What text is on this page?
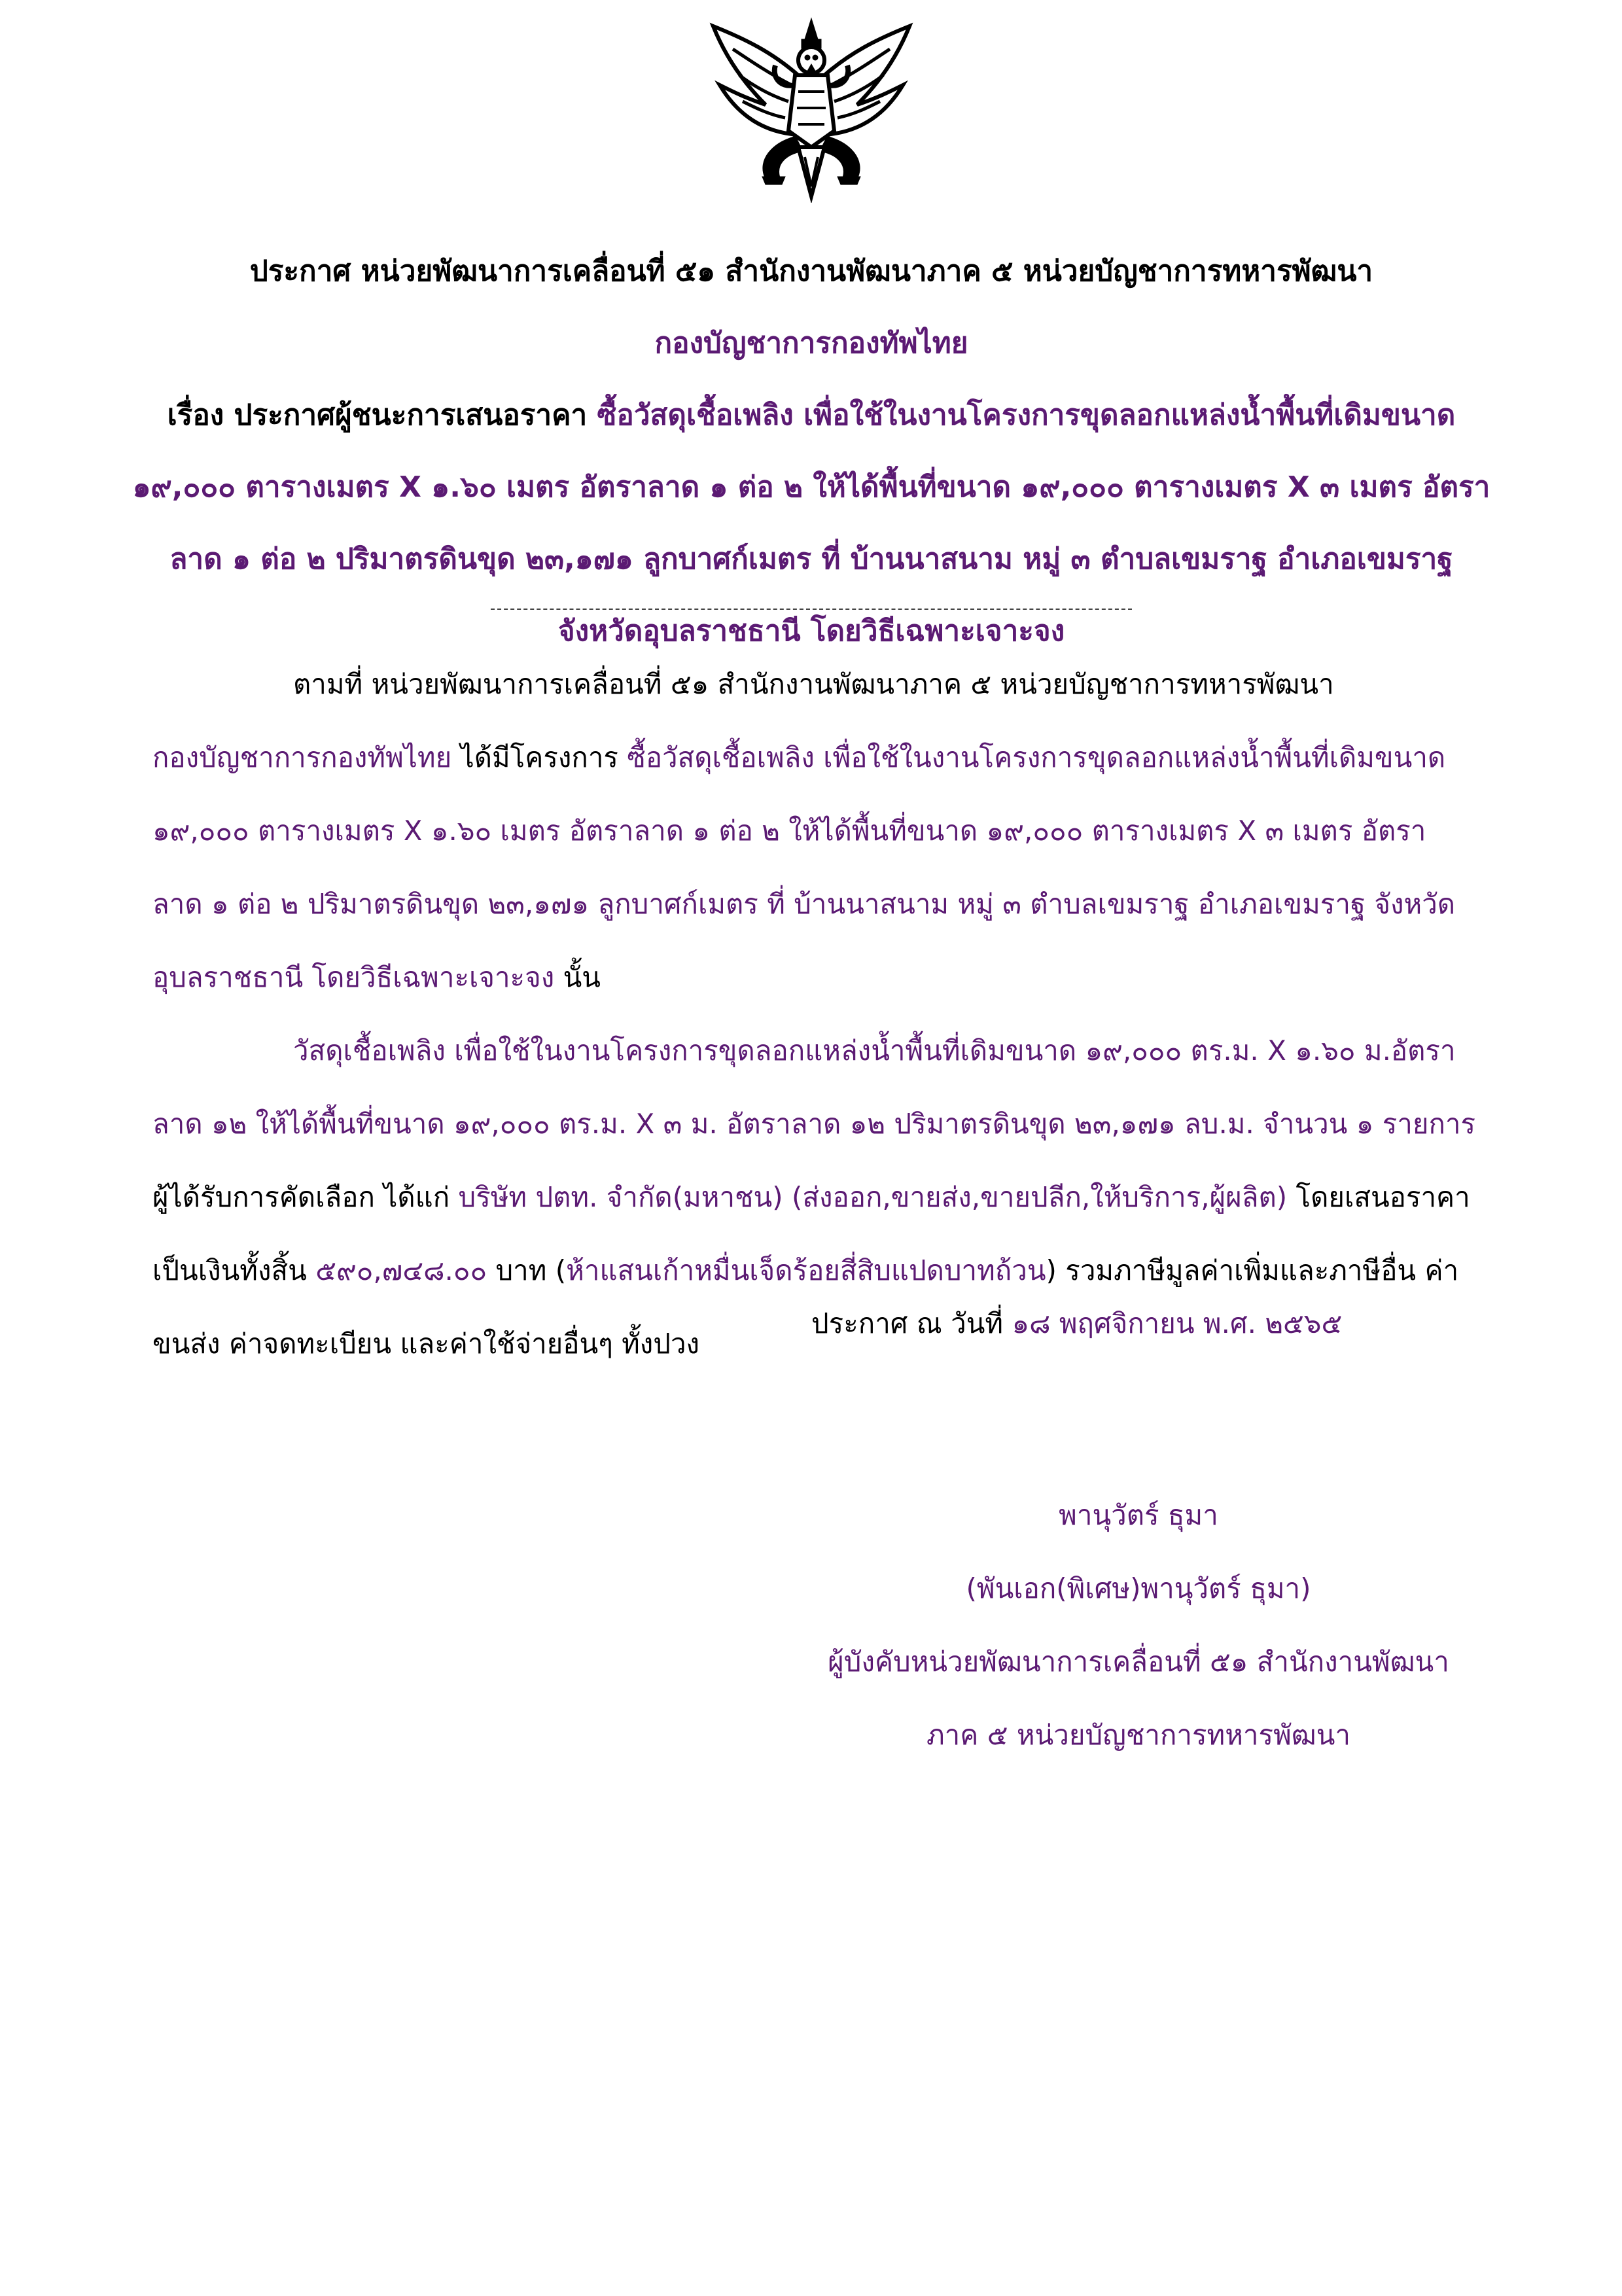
ประกาศ หน่วยพัฒนาการเคลื่อนที่ ๕๑ สำนักงานพัฒนาภาค ๕ หน่วยบัญชาการทหารพัฒนา
กองบัญชาการกองทัพไทย
เรื่อง ประกาศผู้ชนะการเสนอราคา ซื้อวัสดุเชื้อเพลิง เพื่อใช้ในงานโครงการขุดลอกแหล่งน้ำพื้นที่เดิมขนาด
๑๙,๐๐๐ ตารางเมตร X ๑.๖๐ เมตร อัตราลาด ๑ ต่อ ๒ ให้ได้พื้นที่ขนาด ๑๙,๐๐๐ ตารางเมตร X ๓ เมตร อัตรา
ลาด ๑ ต่อ ๒ ปริมาตรดินขุด ๒๓,๑๗๑ ลูกบาศก์เมตร ที่ บ้านนาสนาม หมู่ ๓ ตำบลเขมราฐ อำเภอเขมราฐ
จังหวัดอุบลราชธานี โดยวิธีเฉพาะเจาะจง
ตามที่ หน่วยพัฒนาการเคลื่อนที่ ๕๑ สำนักงานพัฒนาภาค ๕ หน่วยบัญชาการทหารพัฒนา
กองบัญชาการกองทัพไทย ได้มีโครงการ ซื้อวัสดุเชื้อเพลิง เพื่อใช้ในงานโครงการขุดลอกแหล่งน้ำพื้นที่เดิมขนาด
๑๙,๐๐๐ ตารางเมตร X ๑.๖๐ เมตร อัตราลาด ๑ ต่อ ๒ ให้ได้พื้นที่ขนาด ๑๙,๐๐๐ ตารางเมตร X ๓ เมตร อัตรา
ลาด ๑ ต่อ ๒ ปริมาตรดินขุด ๒๓,๑๗๑ ลูกบาศก์เมตร ที่ บ้านนาสนาม หมู่ ๓ ตำบลเขมราฐ อำเภอเขมราฐ จังหวัด
อุบลราชธานี โดยวิธีเฉพาะเจาะจง นั้น
วัสดุเชื้อเพลิง เพื่อใช้ในงานโครงการขุดลอกแหล่งน้ำพื้นที่เดิมขนาด ๑๙,๐๐๐ ตร.ม. X ๑.๖๐ ม.อัตรา
ลาด ๑๒ ให้ได้พื้นที่ขนาด ๑๙,๐๐๐ ตร.ม. X ๓ ม. อัตราลาด ๑๒ ปริมาตรดินขุด ๒๓,๑๗๑ ลบ.ม. จำนวน ๑ รายการ
ผู้ได้รับการคัดเลือก ได้แก่ บริษัท ปตท. จำกัด(มหาชน) (ส่งออก,ขายส่ง,ขายปลีก,ให้บริการ,ผู้ผลิต) โดยเสนอราคา
เป็นเงินทั้งสิ้น ๕๙๐,๗๔๘.๐๐ บาท (ห้าแสนเก้าหมื่นเจ็ดร้อยสี่สิบแปดบาทถ้วน) รวมภาษีมูลค่าเพิ่มและภาษีอื่น ค่า
ขนส่ง ค่าจดทะเบียน และค่าใช้จ่ายอื่นๆ ทั้งปวง
ประกาศ ณ วันที่ ๑๘ พฤศจิกายน พ.ศ. ๒๕๖๕
พานุวัตร์ ธุมา
(พันเอก(พิเศษ)พานุวัตร์ ธุมา)
ผู้บังคับหน่วยพัฒนาการเคลื่อนที่ ๕๑ สำนักงานพัฒนา
ภาค ๕ หน่วยบัญชาการทหารพัฒนา
